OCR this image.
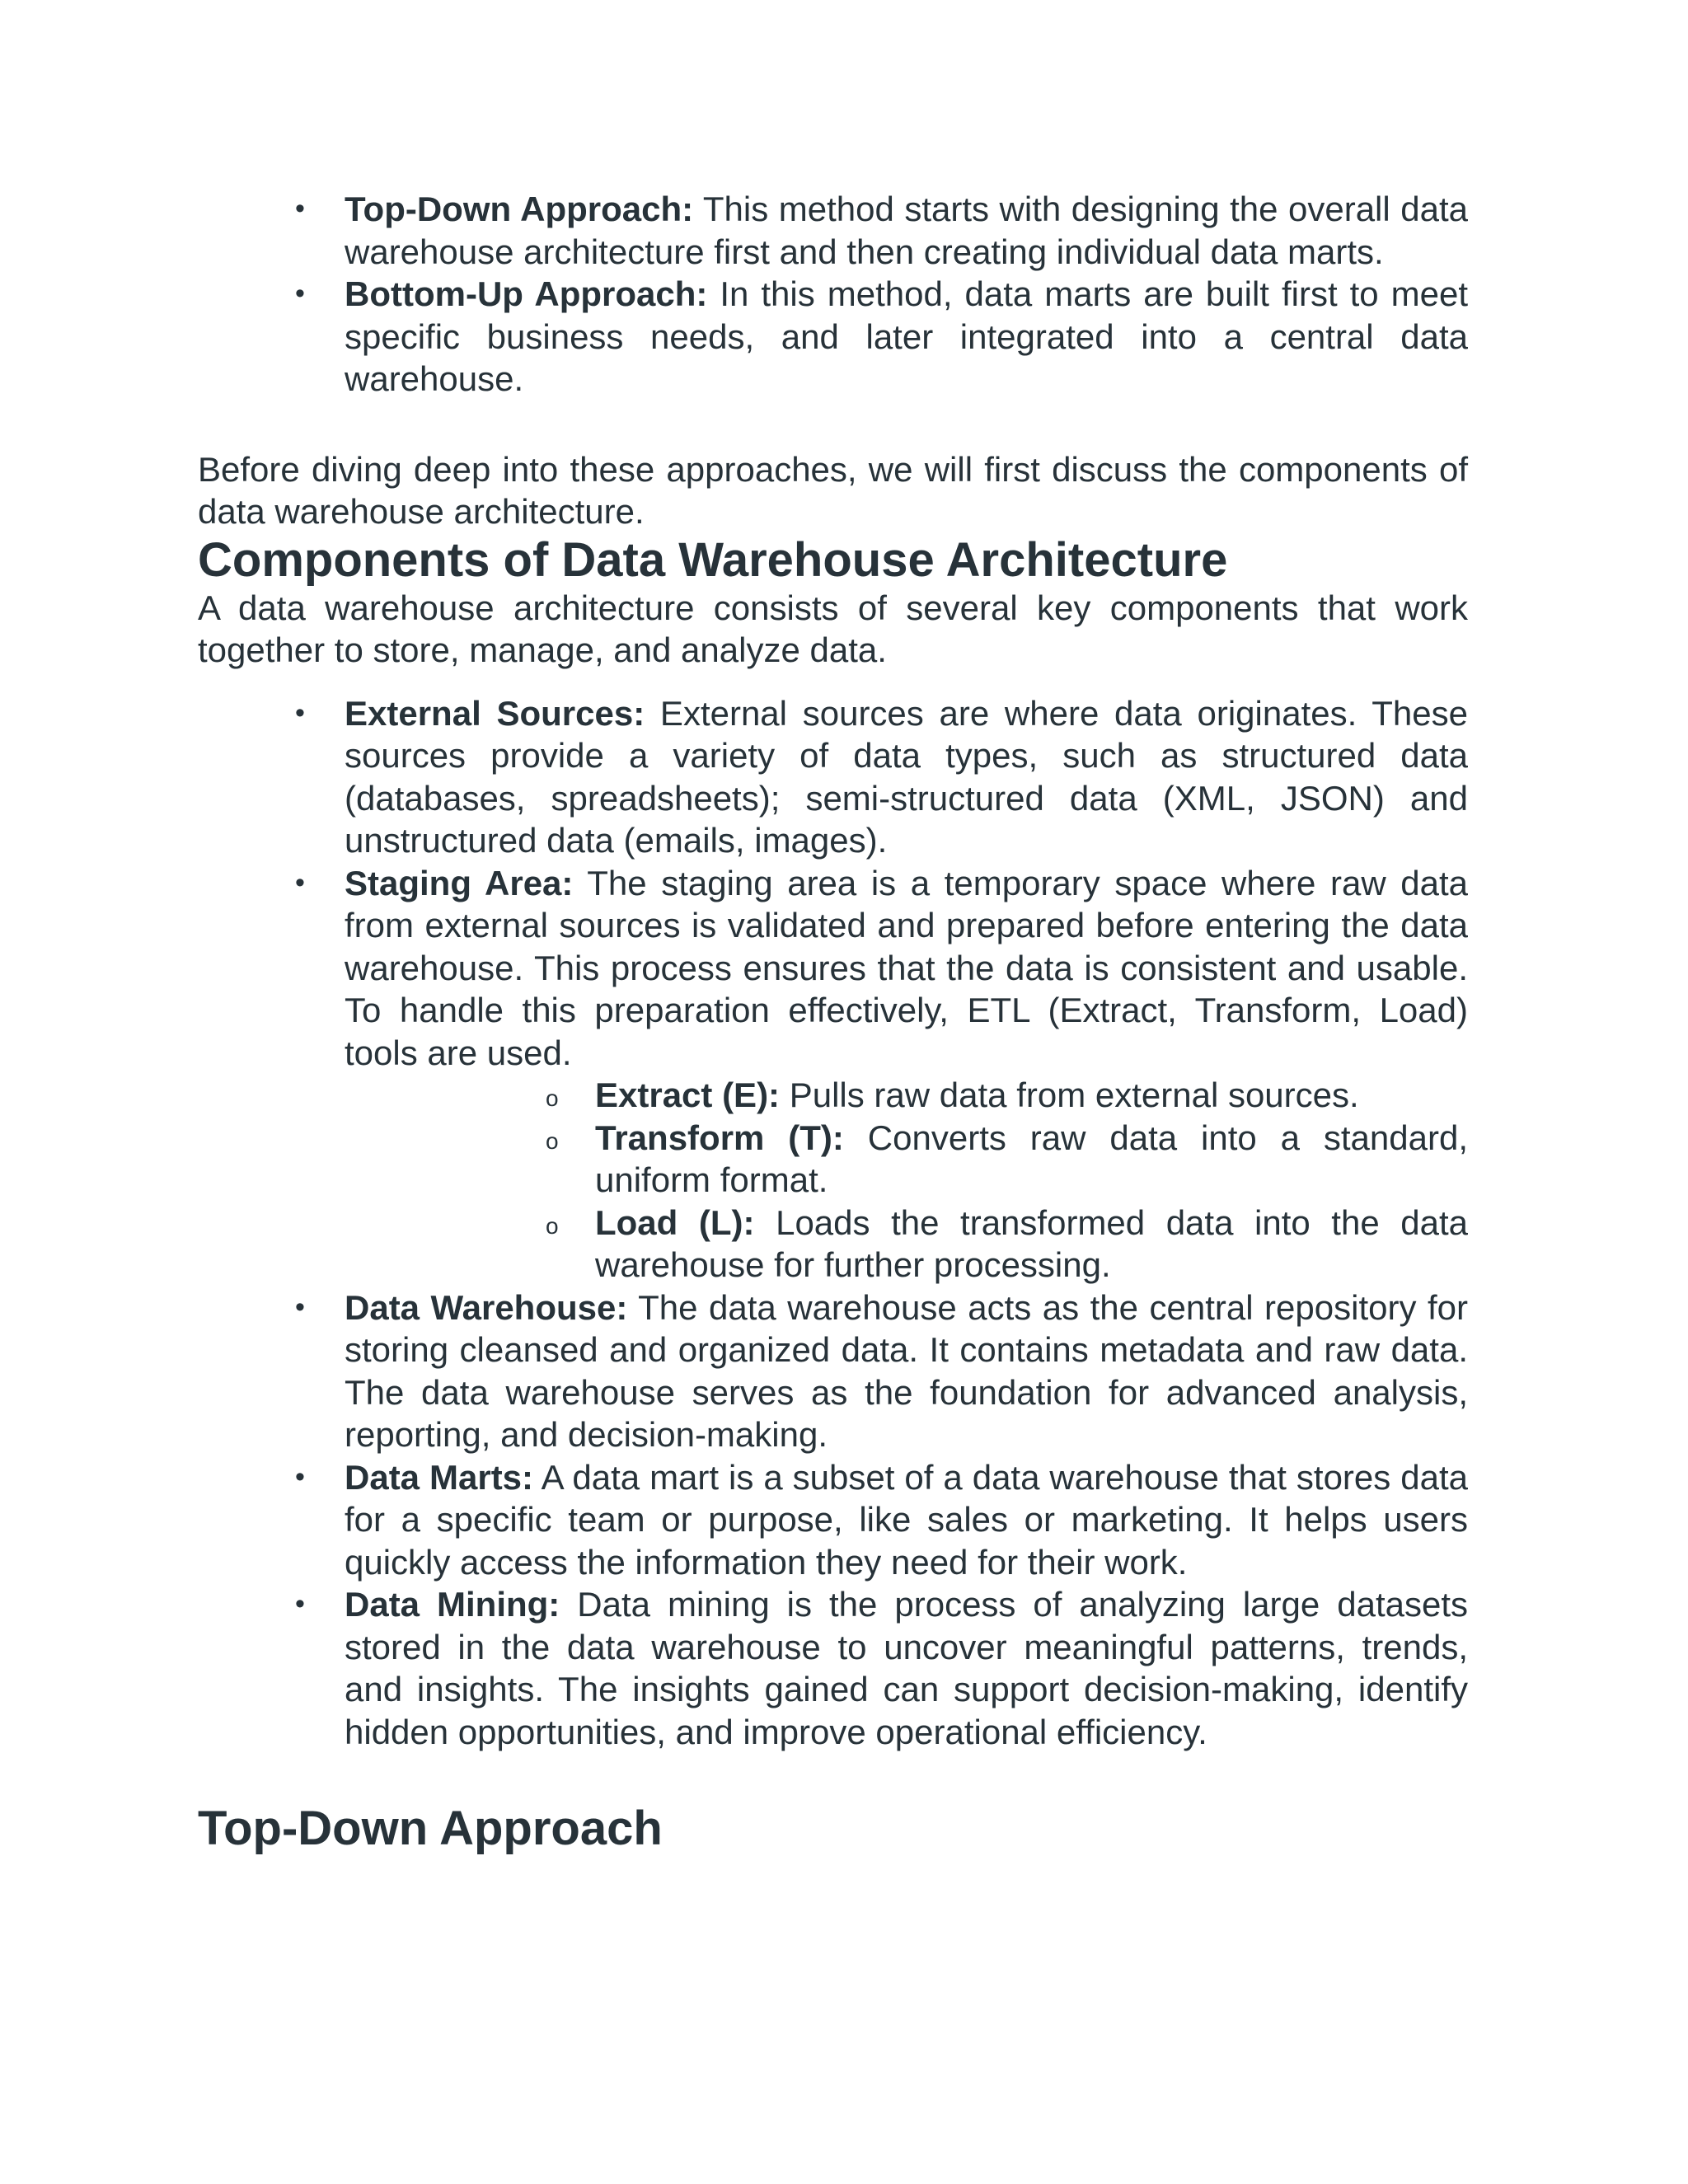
• Top-Down Approach: This method starts with designing the overall data warehouse architecture first and then creating individual data marts.
• Bottom-Up Approach: In this method, data marts are built first to meet specific business needs, and later integrated into a central data warehouse.

Before diving deep into these approaches, we will first discuss the components of data warehouse architecture.

Components of Data Warehouse Architecture

A data warehouse architecture consists of several key components that work together to store, manage, and analyze data.

• External Sources: External sources are where data originates. These sources provide a variety of data types, such as structured data (databases, spreadsheets); semi-structured data (XML, JSON) and unstructured data (emails, images).
• Staging Area: The staging area is a temporary space where raw data from external sources is validated and prepared before entering the data warehouse. This process ensures that the data is consistent and usable. To handle this preparation effectively, ETL (Extract, Transform, Load) tools are used.
o Extract (E): Pulls raw data from external sources.
o Transform (T): Converts raw data into a standard, uniform format.
o Load (L): Loads the transformed data into the data warehouse for further processing.
• Data Warehouse: The data warehouse acts as the central repository for storing cleansed and organized data. It contains metadata and raw data. The data warehouse serves as the foundation for advanced analysis, reporting, and decision-making.
• Data Marts: A data mart is a subset of a data warehouse that stores data for a specific team or purpose, like sales or marketing. It helps users quickly access the information they need for their work.
• Data Mining: Data mining is the process of analyzing large datasets stored in the data warehouse to uncover meaningful patterns, trends, and insights. The insights gained can support decision-making, identify hidden opportunities, and improve operational efficiency.
Top-Down Approach
